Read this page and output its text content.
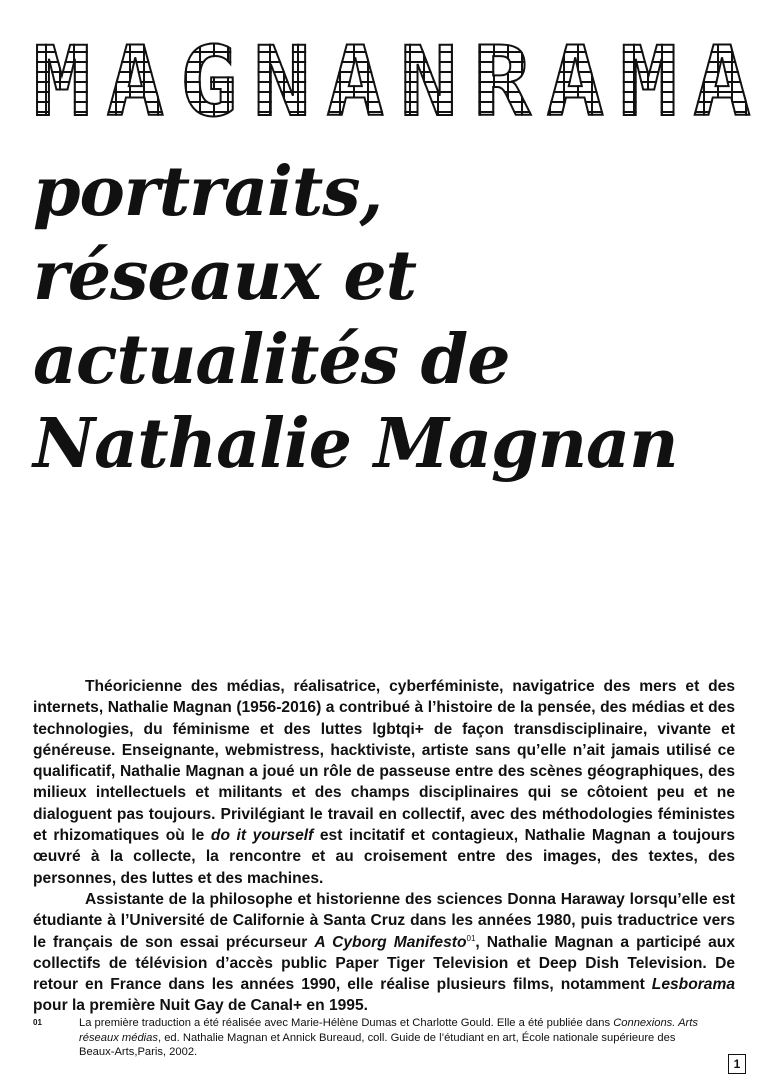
M A G N A N R A M A
portraits,
réseaux et
actualités de
Nathalie Magnan

Théoricienne des médias, réalisatrice, cyberféministe, navigatrice des mers et des internets, Nathalie Magnan (1956-2016) a contribué à l’histoire de la pensée, des médias et des technologies, du féminisme et des luttes lgbtqi+ de façon transdisciplinaire, vivante et généreuse. Enseignante, webmistress, hacktiviste, artiste sans qu’elle n’ait jamais utilisé ce qualificatif, Nathalie Magnan a joué un rôle de passeuse entre des scènes géographiques, des milieux intellectuels et militants et des champs disciplinaires qui se côtoient peu et ne dialoguent pas toujours. Privilégiant le travail en collectif, avec des méthodologies féministes et rhizomatiques où le do it yourself est incitatif et contagieux, Nathalie Magnan a toujours œuvré à la collecte, la rencontre et au croisement entre des images, des textes, des personnes, des luttes et des machines.

Assistante de la philosophe et historienne des sciences Donna Haraway lorsqu’elle est étudiante à l’Université de Californie à Santa Cruz dans les années 1980, puis traductrice vers le français de son essai précurseur A Cyborg Manifesto$^{01}$, Nathalie Magnan a participé aux collectifs de télévision d’accès public Paper Tiger Television et Deep Dish Television. De retour en France dans les années 1990, elle réalise plusieurs films, notamment Lesborama pour la première Nuit Gay de Canal+ en 1995.

01	La première traduction a été réalisée avec Marie-Hélène Dumas et Charlotte Gould. Elle a été publiée dans Connexions. Arts réseaux médias, ed. Nathalie Magnan et Annick Bureaud, coll. Guide de l’étudiant en art, École nationale supérieure des Beaux-Arts,Paris, 2002.
1
